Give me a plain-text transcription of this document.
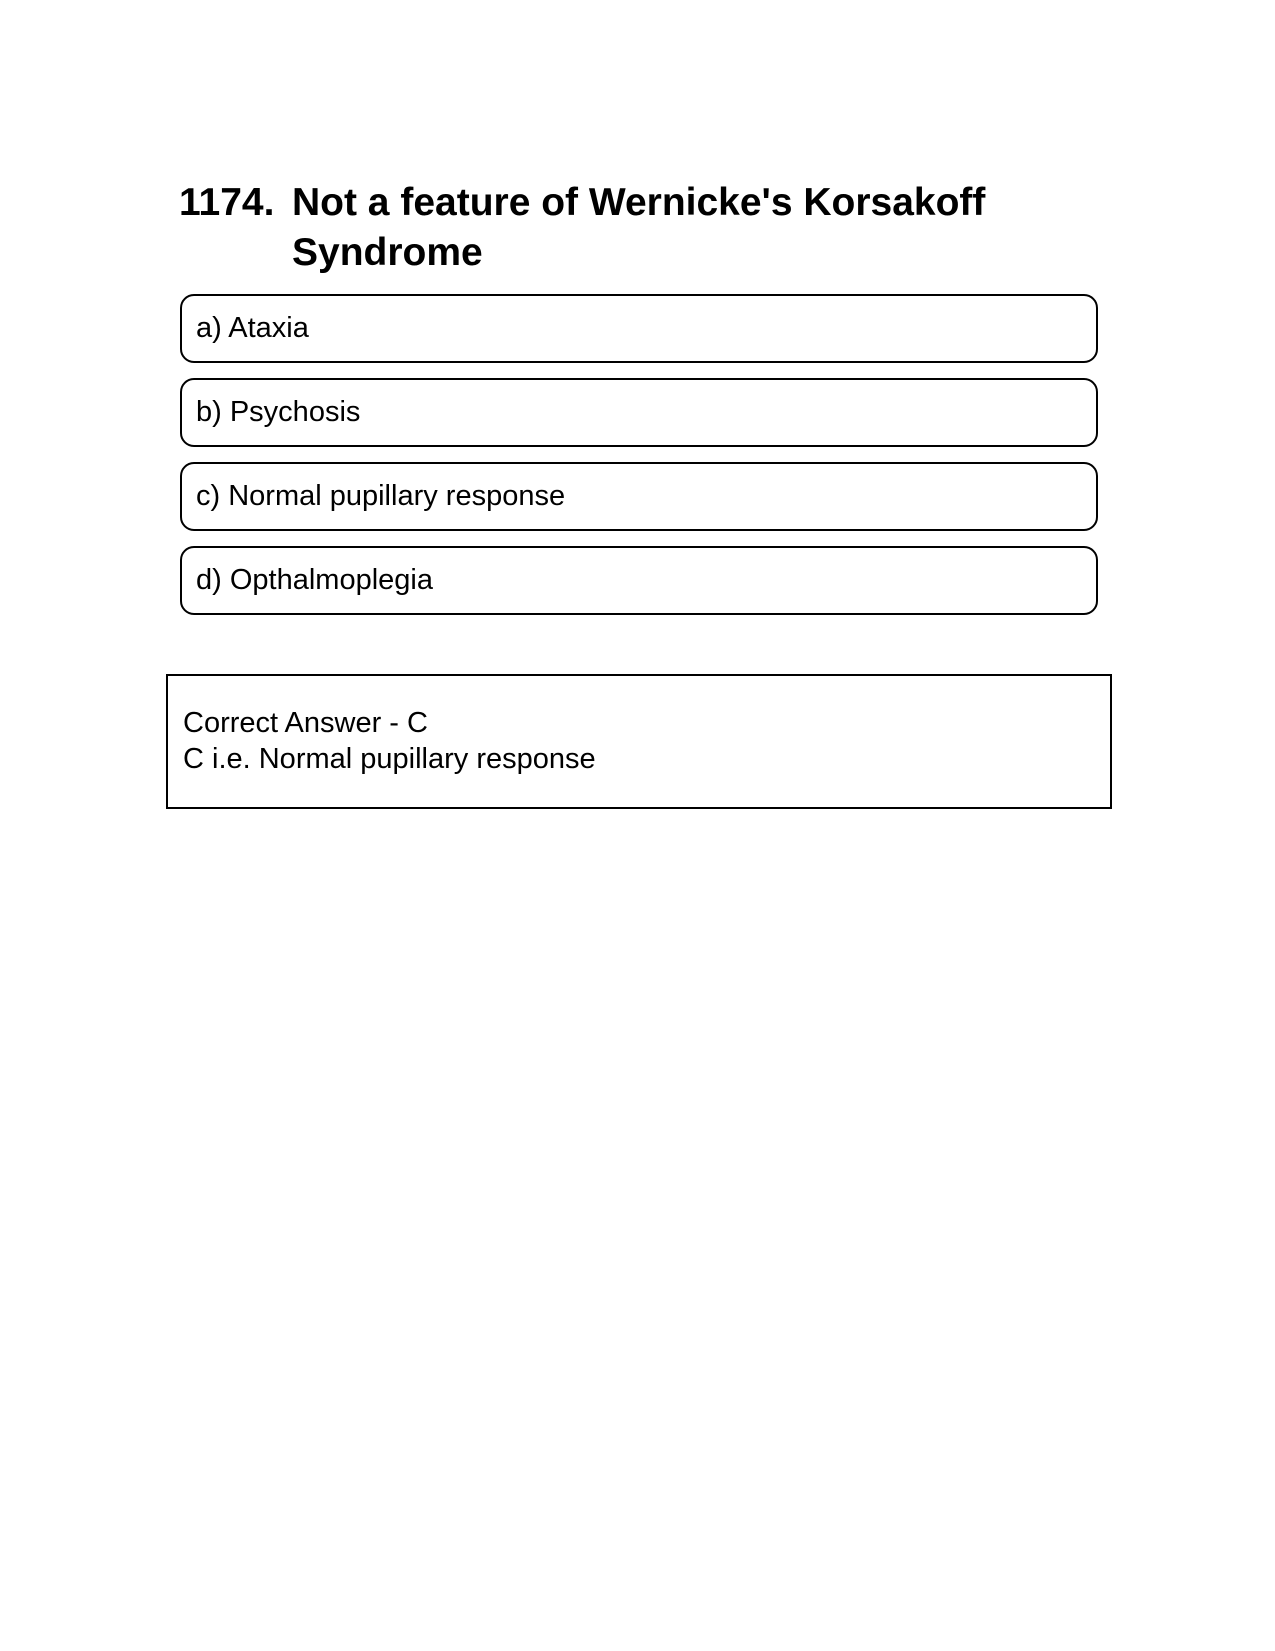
1174. Not a feature of Wernicke's Korsakoff Syndrome
a) Ataxia
b) Psychosis
c) Normal pupillary response
d) Opthalmoplegia
Correct Answer - C
C i.e. Normal pupillary response
